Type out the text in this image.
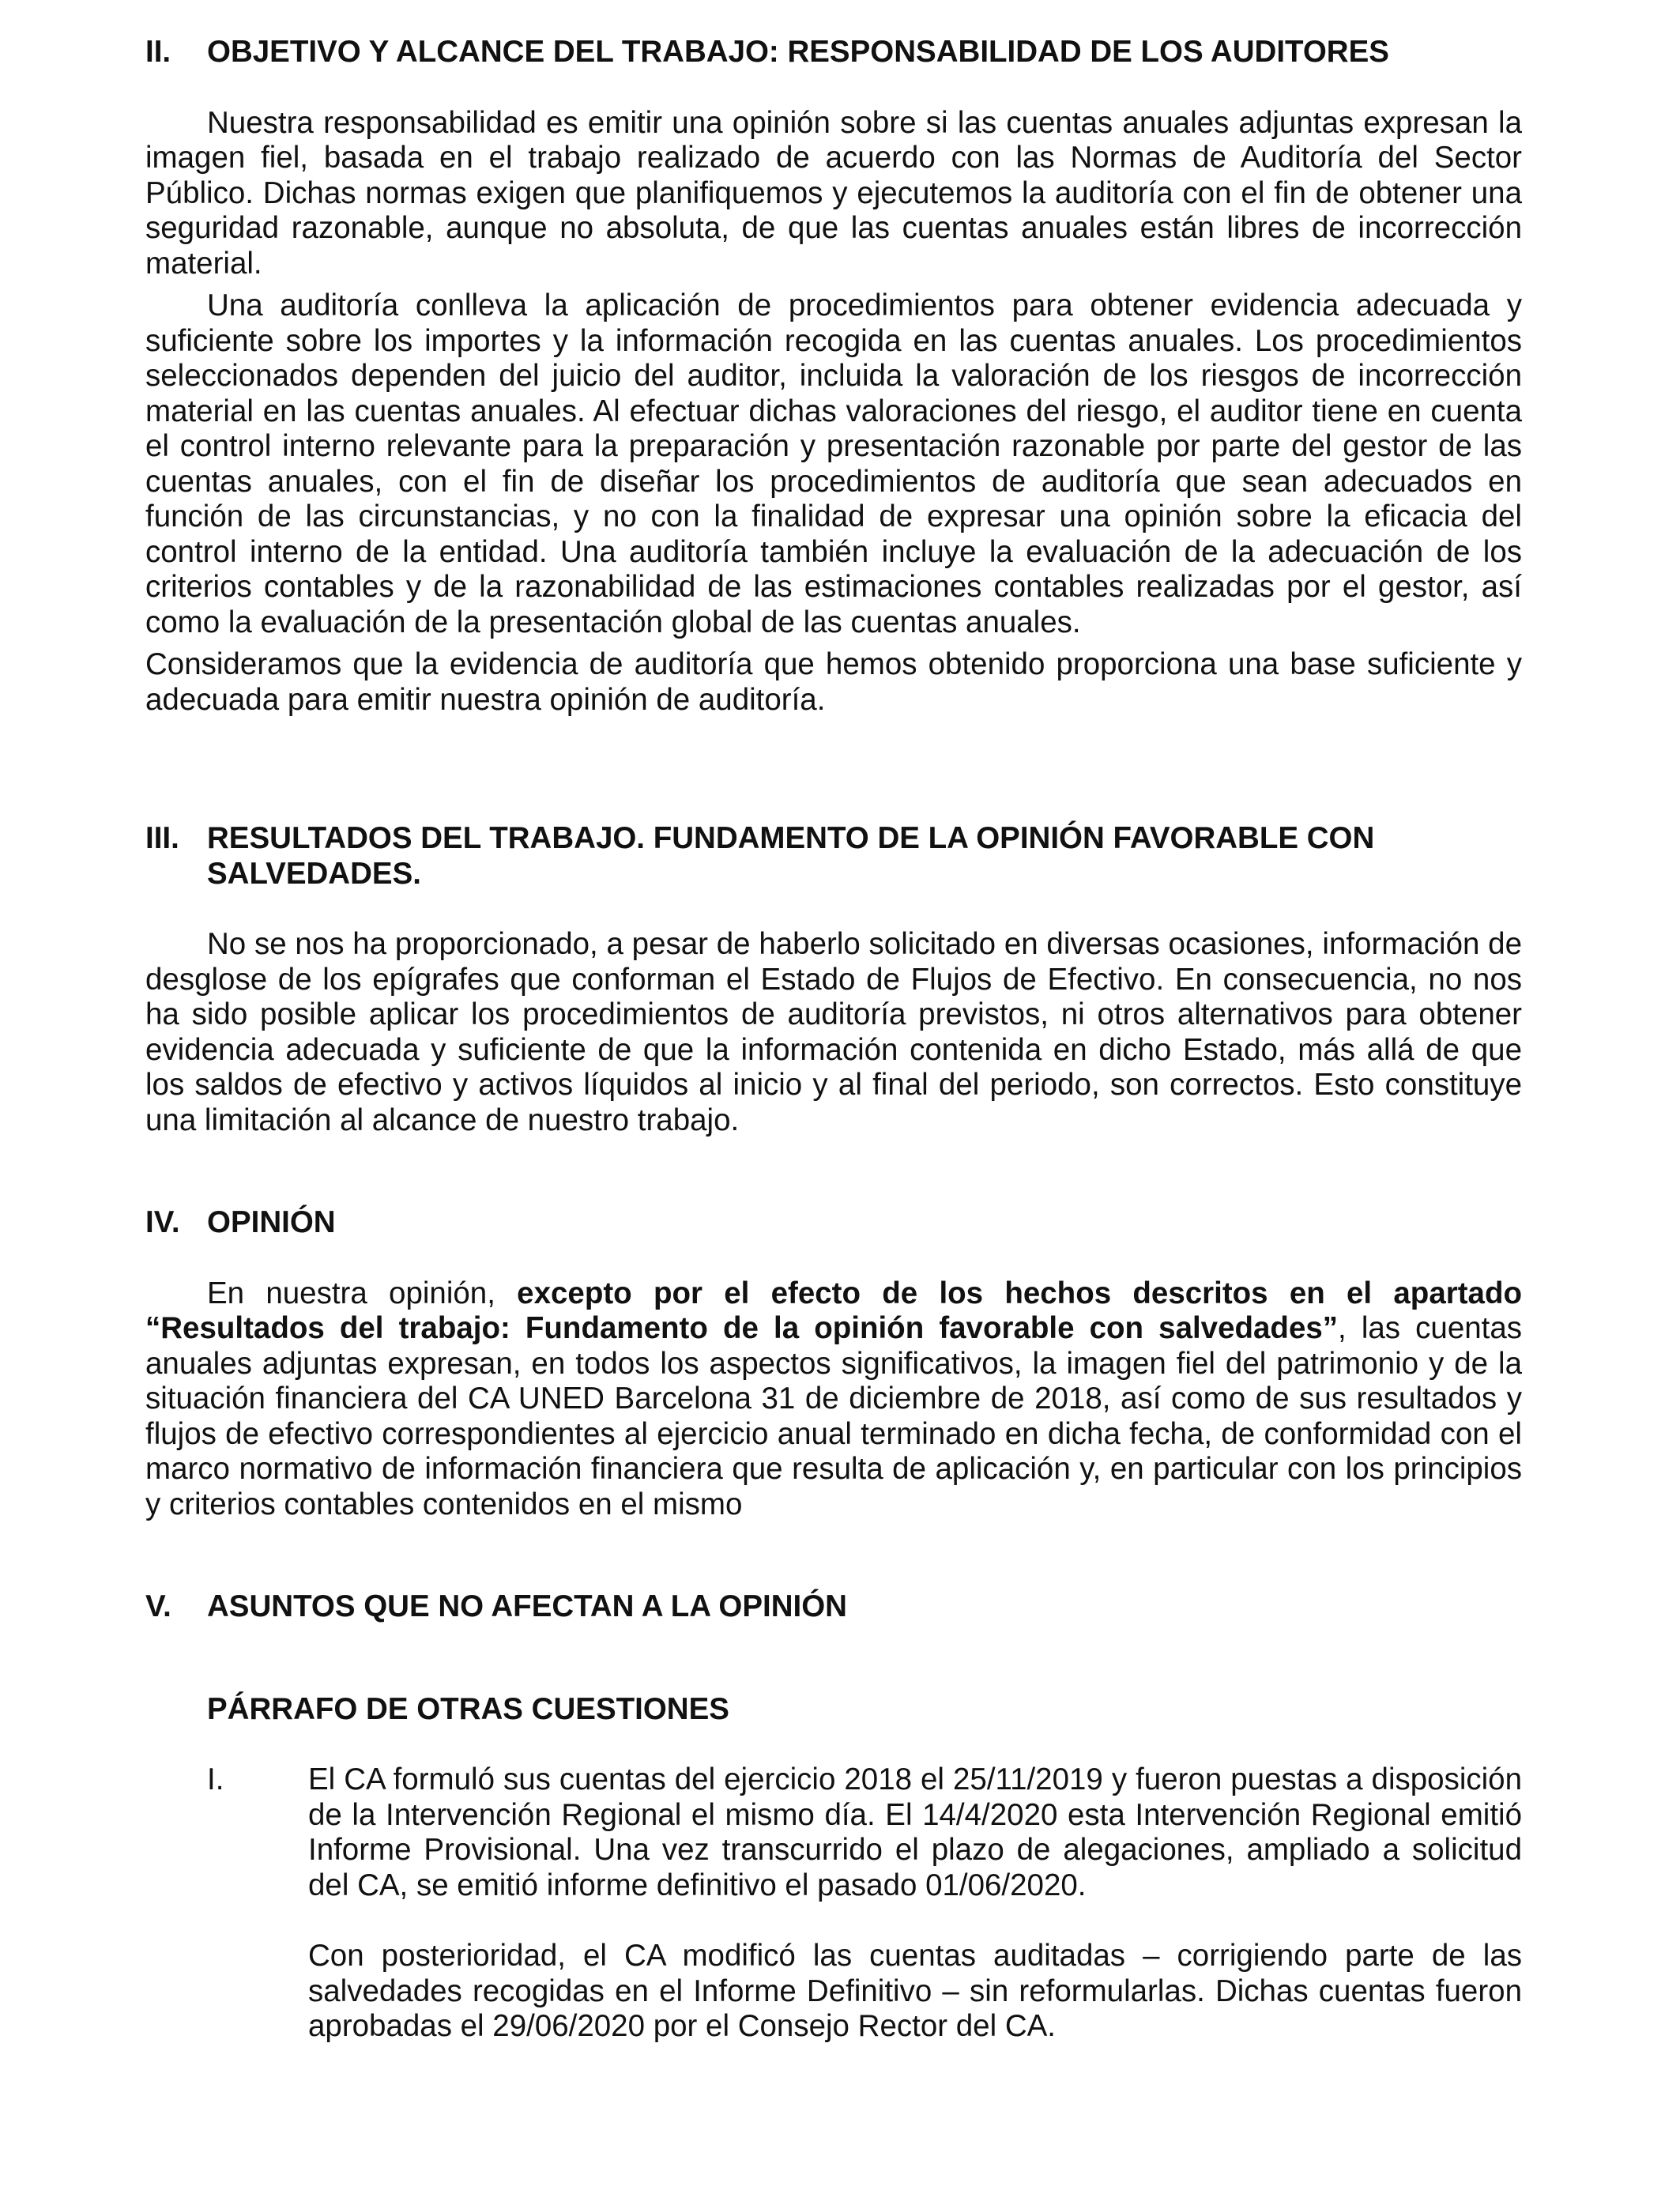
II.	OBJETIVO Y ALCANCE DEL TRABAJO: RESPONSABILIDAD DE LOS AUDITORES

Nuestra responsabilidad es emitir una opinión sobre si las cuentas anuales adjuntas expresan la imagen fiel, basada en el trabajo realizado de acuerdo con las Normas de Auditoría del Sector Público. Dichas normas exigen que planifiquemos y ejecutemos la auditoría con el fin de obtener una seguridad razonable, aunque no absoluta, de que las cuentas anuales están libres de incorrección material.

Una auditoría conlleva la aplicación de procedimientos para obtener evidencia adecuada y suficiente sobre los importes y la información recogida en las cuentas anuales. Los procedimientos seleccionados dependen del juicio del auditor, incluida la valoración de los riesgos de incorrección material en las cuentas anuales. Al efectuar dichas valoraciones del riesgo, el auditor tiene en cuenta el control interno relevante para la preparación y presentación razonable por parte del gestor de las cuentas anuales, con el fin de diseñar los procedimientos de auditoría que sean adecuados en función de las circunstancias, y no con la finalidad de expresar una opinión sobre la eficacia del control interno de la entidad. Una auditoría también incluye la evaluación de la adecuación de los criterios contables y de la razonabilidad de las estimaciones contables realizadas por el gestor, así como la evaluación de la presentación global de las cuentas anuales.

Consideramos que la evidencia de auditoría que hemos obtenido proporciona una base suficiente y adecuada para emitir nuestra opinión de auditoría.

III. RESULTADOS DEL TRABAJO. FUNDAMENTO DE LA OPINIÓN FAVORABLE CON
SALVEDADES.

No se nos ha proporcionado, a pesar de haberlo solicitado en diversas ocasiones, información de desglose de los epígrafes que conforman el Estado de Flujos de Efectivo. En consecuencia, no nos ha sido posible aplicar los procedimientos de auditoría previstos, ni otros alternativos para obtener evidencia adecuada y suficiente de que la información contenida en dicho Estado, más allá de que los saldos de efectivo y activos líquidos al inicio y al final del periodo, son correctos. Esto constituye una limitación al alcance de nuestro trabajo.

IV. OPINIÓN

En nuestra opinión, excepto por el efecto de los hechos descritos en el apartado “Resultados del trabajo: Fundamento de la opinión favorable con salvedades”, las cuentas anuales adjuntas expresan, en todos los aspectos significativos, la imagen fiel del patrimonio y de la situación financiera del CA UNED Barcelona 31 de diciembre de 2018, así como de sus resultados y flujos de efectivo correspondientes al ejercicio anual terminado en dicha fecha, de conformidad con el marco normativo de información financiera que resulta de aplicación y, en particular con los principios y criterios contables contenidos en el mismo

V.	ASUNTOS QUE NO AFECTAN A LA OPINIÓN
PÁRRAFO DE OTRAS CUESTIONES
I.	El CA formuló sus cuentas del ejercicio 2018 el 25/11/2019 y fueron puestas a disposición de la Intervención Regional el mismo día. El 14/4/2020 esta Intervención Regional emitió Informe Provisional. Una vez transcurrido el plazo de alegaciones, ampliado a solicitud del CA, se emitió informe definitivo el pasado 01/06/2020.

Con posterioridad, el CA modificó las cuentas auditadas – corrigiendo parte de las salvedades recogidas en el Informe Definitivo – sin reformularlas. Dichas cuentas fueron aprobadas el 29/06/2020 por el Consejo Rector del CA.
